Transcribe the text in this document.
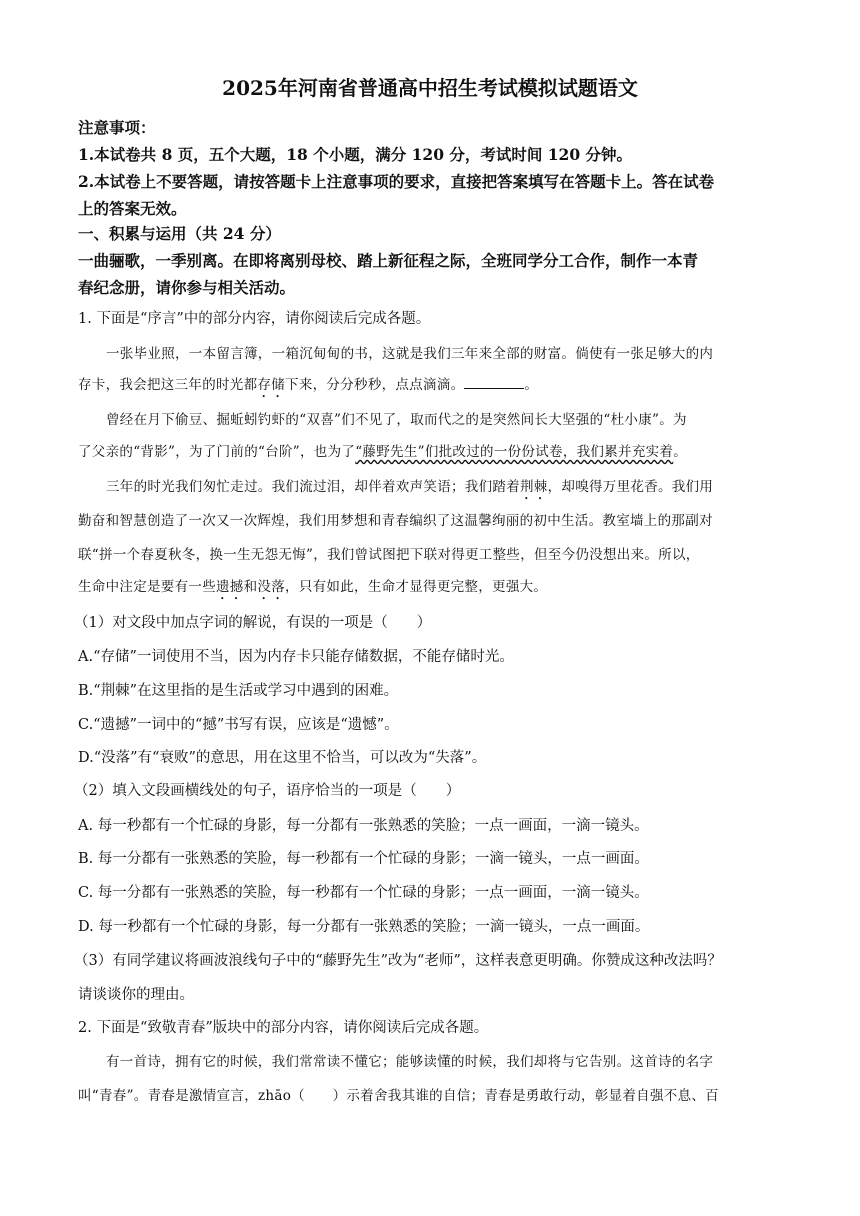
2025年河南省普通高中招生考试模拟试题语文
注意事项：
1.本试卷共 8 页，五个大题，18 个小题，满分 120 分，考试时间 120 分钟。
2.本试卷上不要答题，请按答题卡上注意事项的要求，直接把答案填写在答题卡上。答在试卷
上的答案无效。
一、积累与运用（共 24 分）
一曲骊歌，一季别离。在即将离别母校、踏上新征程之际，全班同学分工合作，制作一本青
春纪念册，请你参与相关活动。
1. 下面是“序言”中的部分内容，请你阅读后完成各题。
一张毕业照，一本留言簿，一箱沉甸甸的书，这就是我们三年来全部的财富。倘使有一张足够大的内
存卡，我会把这三年的时光都存储下来，分分秒秒，点点滴滴。	。
曾经在月下偷豆、掘蚯蚓钓虾的“双喜”们不见了，取而代之的是突然间长大坚强的“杜小康”。为
了父亲的“背影”，为了门前的“台阶”，也为了“藤野先生”们批改过的一份份试卷，我们累并充实着。
三年的时光我们匆忙走过。我们流过泪，却伴着欢声笑语；我们踏着荆棘，却嗅得万里花香。我们用
勤奋和智慧创造了一次又一次辉煌，我们用梦想和青春编织了这温馨绚丽的初中生活。教室墙上的那副对
联“拼一个春夏秋冬，换一生无怨无悔”，我们曾试图把下联对得更工整些，但至今仍没想出来。所以，
生命中注定是要有一些遗撼和没落，只有如此，生命才显得更完整，更强大。
（1）对文段中加点字词的解说，有误的一项是（　　）
A.“存储”一词使用不当，因为内存卡只能存储数据，不能存储时光。
B.“荆棘”在这里指的是生活或学习中遇到的困难。
C.“遗撼”一词中的“撼”书写有误，应该是“遗憾”。
D.“没落”有“衰败”的意思，用在这里不恰当，可以改为“失落”。
（2）填入文段画横线处的句子，语序恰当的一项是（　　）
A. 每一秒都有一个忙碌的身影，每一分都有一张熟悉的笑脸；一点一画面，一滴一镜头。
B. 每一分都有一张熟悉的笑脸，每一秒都有一个忙碌的身影；一滴一镜头，一点一画面。
C. 每一分都有一张熟悉的笑脸，每一秒都有一个忙碌的身影；一点一画面，一滴一镜头。
D. 每一秒都有一个忙碌的身影，每一分都有一张熟悉的笑脸；一滴一镜头，一点一画面。
（3）有同学建议将画波浪线句子中的“藤野先生”改为“老师”，这样表意更明确。你赞成这种改法吗？
请谈谈你的理由。
2. 下面是“致敬青春”版块中的部分内容，请你阅读后完成各题。
有一首诗，拥有它的时候，我们常常读不懂它；能够读懂的时候，我们却将与它告别。这首诗的名字
叫“青春”。青春是激情宣言，zhāo（　　）示着舍我其谁的自信；青春是勇敢行动，彰显着自强不息、百
